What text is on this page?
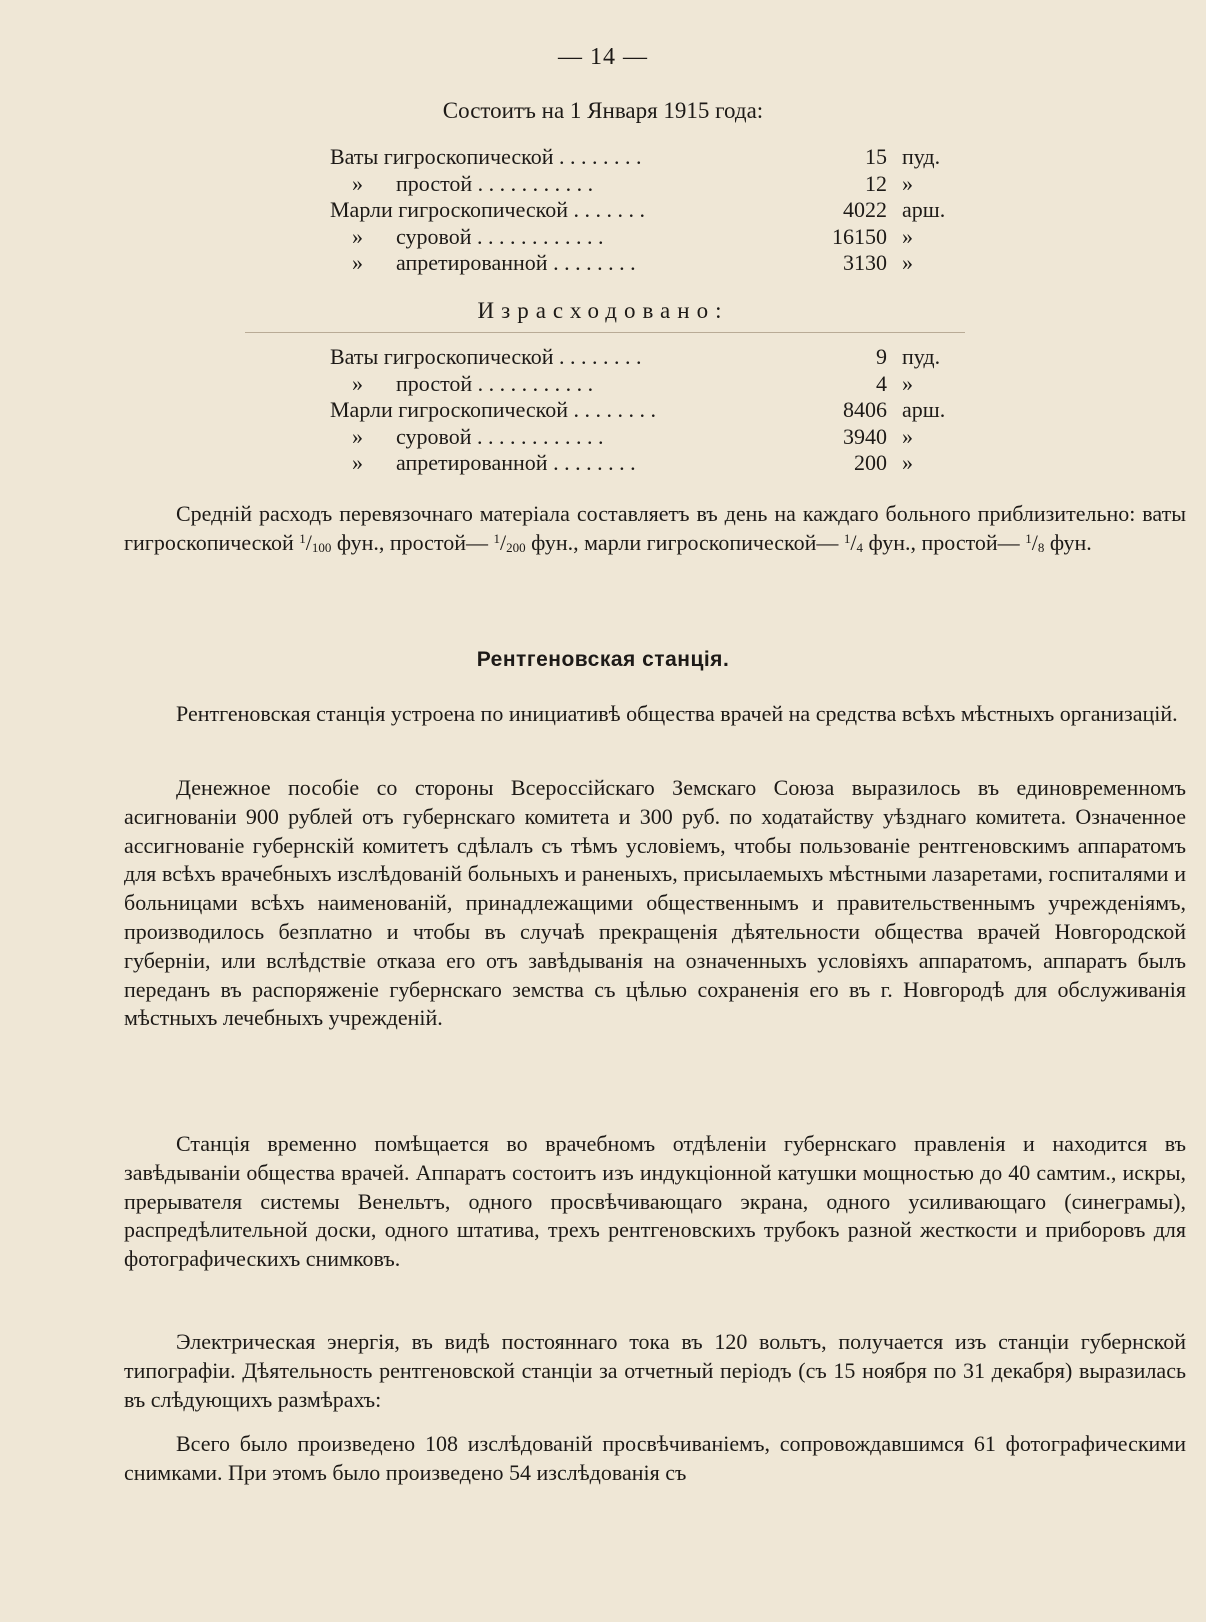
— 14 —
Состоитъ на 1 Января 1915 года:
Ваты гигроскопической . . . . . . . .	15 пуд.
» простой . . . . . . . . . . .	12 »
Марли гигроскопической . . . . . . .	4022 арш.
» суровой . . . . . . . . . . . .	16150 »
» апретированной . . . . . . . .	3130 »
Израсходовано:
Ваты гигроскопической . . . . . . . .	9 пуд.
» простой . . . . . . . . . . .	4 »
Марли гигроскопической . . . . . . . .	8406 арш.
» суровой . . . . . . . . . . . .	3940 »
» апретированной . . . . . . . .	200 »

Среднiй расходъ перевязочнаго матерiала составляетъ въ день на каждаго больного приблизительно: ваты гигроскопической $^1/_{100}$ фун., простой— $^1/_{200}$ фун., марли гигроскопической— $^1/_4$ фун., простой— $^1/_8$ фун.

Рентгеновская станцiя.

Рентгеновская станцiя устроена по инициативѣ общества врачей на средства всѣхъ мѣстныхъ организацiй.

Денежное пособiе со стороны Всероссiйскаго Земскаго Союза выразилось въ единовременномъ асигнованiи 900 рублей отъ губернскаго комитета и 300 руб. по ходатайству уѣзднаго комитета. Означенное ассигнованiе губернскiй комитетъ сдѣлалъ съ тѣмъ условiемъ, чтобы пользованiе рентгеновскимъ аппаратомъ для всѣхъ врачебныхъ изслѣдованiй больныхъ и раненыхъ, присылаемыхъ мѣстными лазаретами, госпиталями и больницами всѣхъ наименованiй, принадлежащими общественнымъ и правительственнымъ учрежденiямъ, производилось безплатно и чтобы въ случаѣ прекращенiя дѣятельности общества врачей Новгородской губернiи, или вслѣдствiе отказа его отъ завѣдыванiя на означенныхъ условiяхъ аппаратомъ, аппаратъ былъ переданъ въ распоряженiе губернскаго земства съ цѣлью сохраненiя его въ г. Новгородѣ для обслуживанiя мѣстныхъ лечебныхъ учрежденiй.

Станцiя временно помѣщается во врачебномъ отдѣленiи губернскаго правленiя и находится въ завѣдыванiи общества врачей. Аппаратъ состоитъ изъ индукцiонной катушки мощностью до 40 самтим., искры, прерывателя системы Венельтъ, одного просвѣчивающаго экрана, одного усиливающаго (синеграмы), распредѣлительной доски, одного штатива, трехъ рентгеновскихъ трубокъ разной жесткости и приборовъ для фотографическихъ снимковъ.

Электрическая энергiя, въ видѣ постояннаго тока въ 120 вольтъ, получается изъ станцiи губернской типографiи. Дѣятельность рентгеновской станцiи за отчетный перiодъ (съ 15 ноября по 31 декабря) выразилась въ слѣдующихъ размѣрахъ:

Всего было произведено 108 изслѣдованiй просвѣчиванiемъ, сопровождавшимся 61 фотографическими снимками. При этомъ было произведено 54 изслѣдованiя съ
